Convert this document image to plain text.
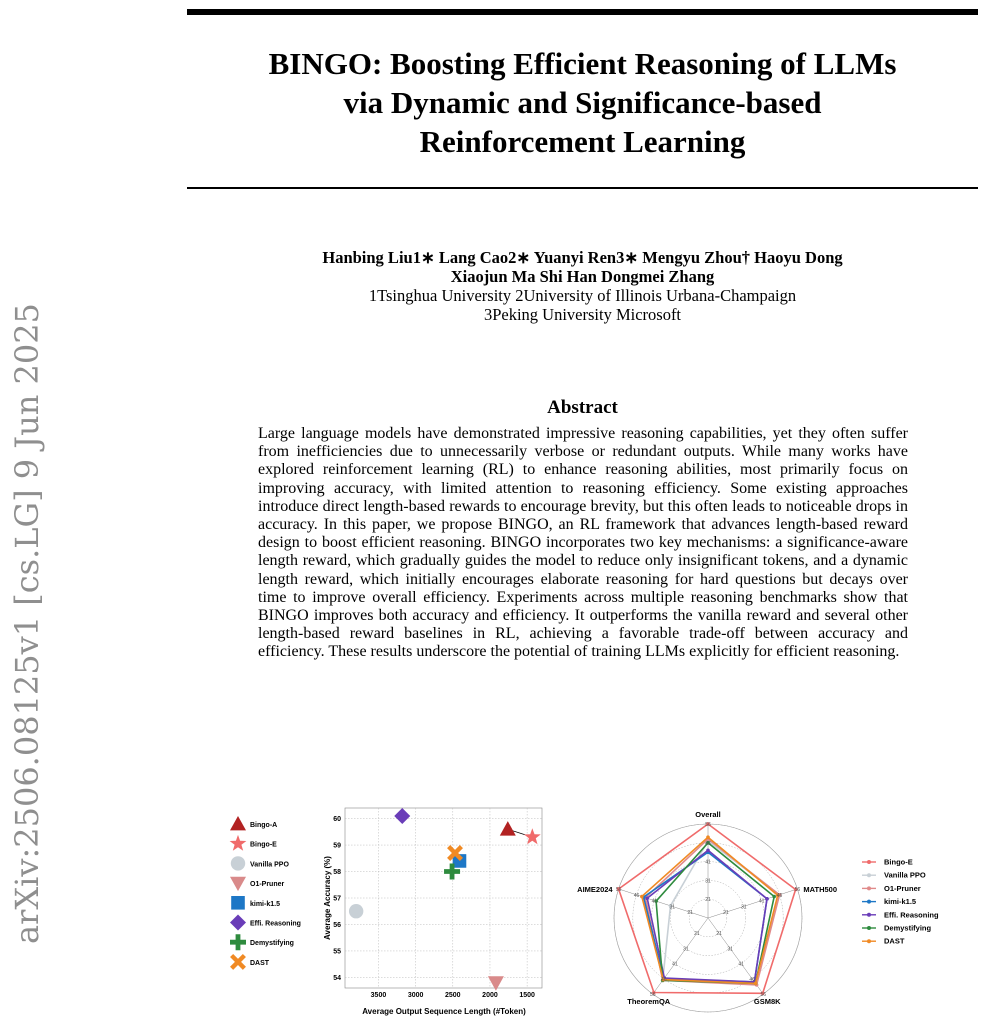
arXiv:2506.08125v1 [cs.LG] 9 Jun 2025
BINGO: Boosting Efficient Reasoning of LLMs
via Dynamic and Significance-based
Reinforcement Learning
Hanbing Liu1∗ Lang Cao2∗ Yuanyi Ren3∗ Mengyu Zhou† Haoyu Dong
Xiaojun Ma Shi Han Dongmei Zhang
1Tsinghua University 2University of Illinois Urbana-Champaign
3Peking University Microsoft
Abstract
Large language models have demonstrated impressive reasoning capabilities, yet they often suffer from inefficiencies due to unnecessarily verbose or redundant outputs. While many works have explored reinforcement learning (RL) to enhance reasoning abilities, most primarily focus on improving accuracy, with limited attention to reasoning efficiency. Some existing approaches introduce direct length-based rewards to encourage brevity, but this often leads to noticeable drops in accuracy. In this paper, we propose BINGO, an RL framework that advances length-based reward design to boost efficient reasoning. BINGO incorporates two key mechanisms: a significance-aware length reward, which gradually guides the model to reduce only insignificant tokens, and a dynamic length reward, which initially encourages elaborate reasoning for hard questions but decays over time to improve overall efficiency. Experiments across multiple reasoning benchmarks show that BINGO improves both accuracy and efficiency. It outperforms the vanilla reward and several other length-based reward baselines in RL, achieving a favorable trade-off between accuracy and efficiency. These results underscore the potential of training LLMs explicitly for efficient reasoning.
Bingo-A
Bingo-E
Vanilla PPO
O1-Pruner
kimi-k1.5
Effi. Reasoning
Demystifying
DAST
3500	3000	2500	2000	1500
54
55
56
57
58
59
60
Average Output Sequence Length (#Token)
Average Accuracy (%)	21
21
21
21
21
31
31
31
31
31
41
41
41
41
41
46
46
46
46
46
56
56
56
56
56
Overall
MATH500
GSM8K
TheoremQA
AIME2024
Bingo-E
Vanilla PPO
O1-Pruner
kimi-k1.5
Effi. Reasoning
Demystifying
DAST
